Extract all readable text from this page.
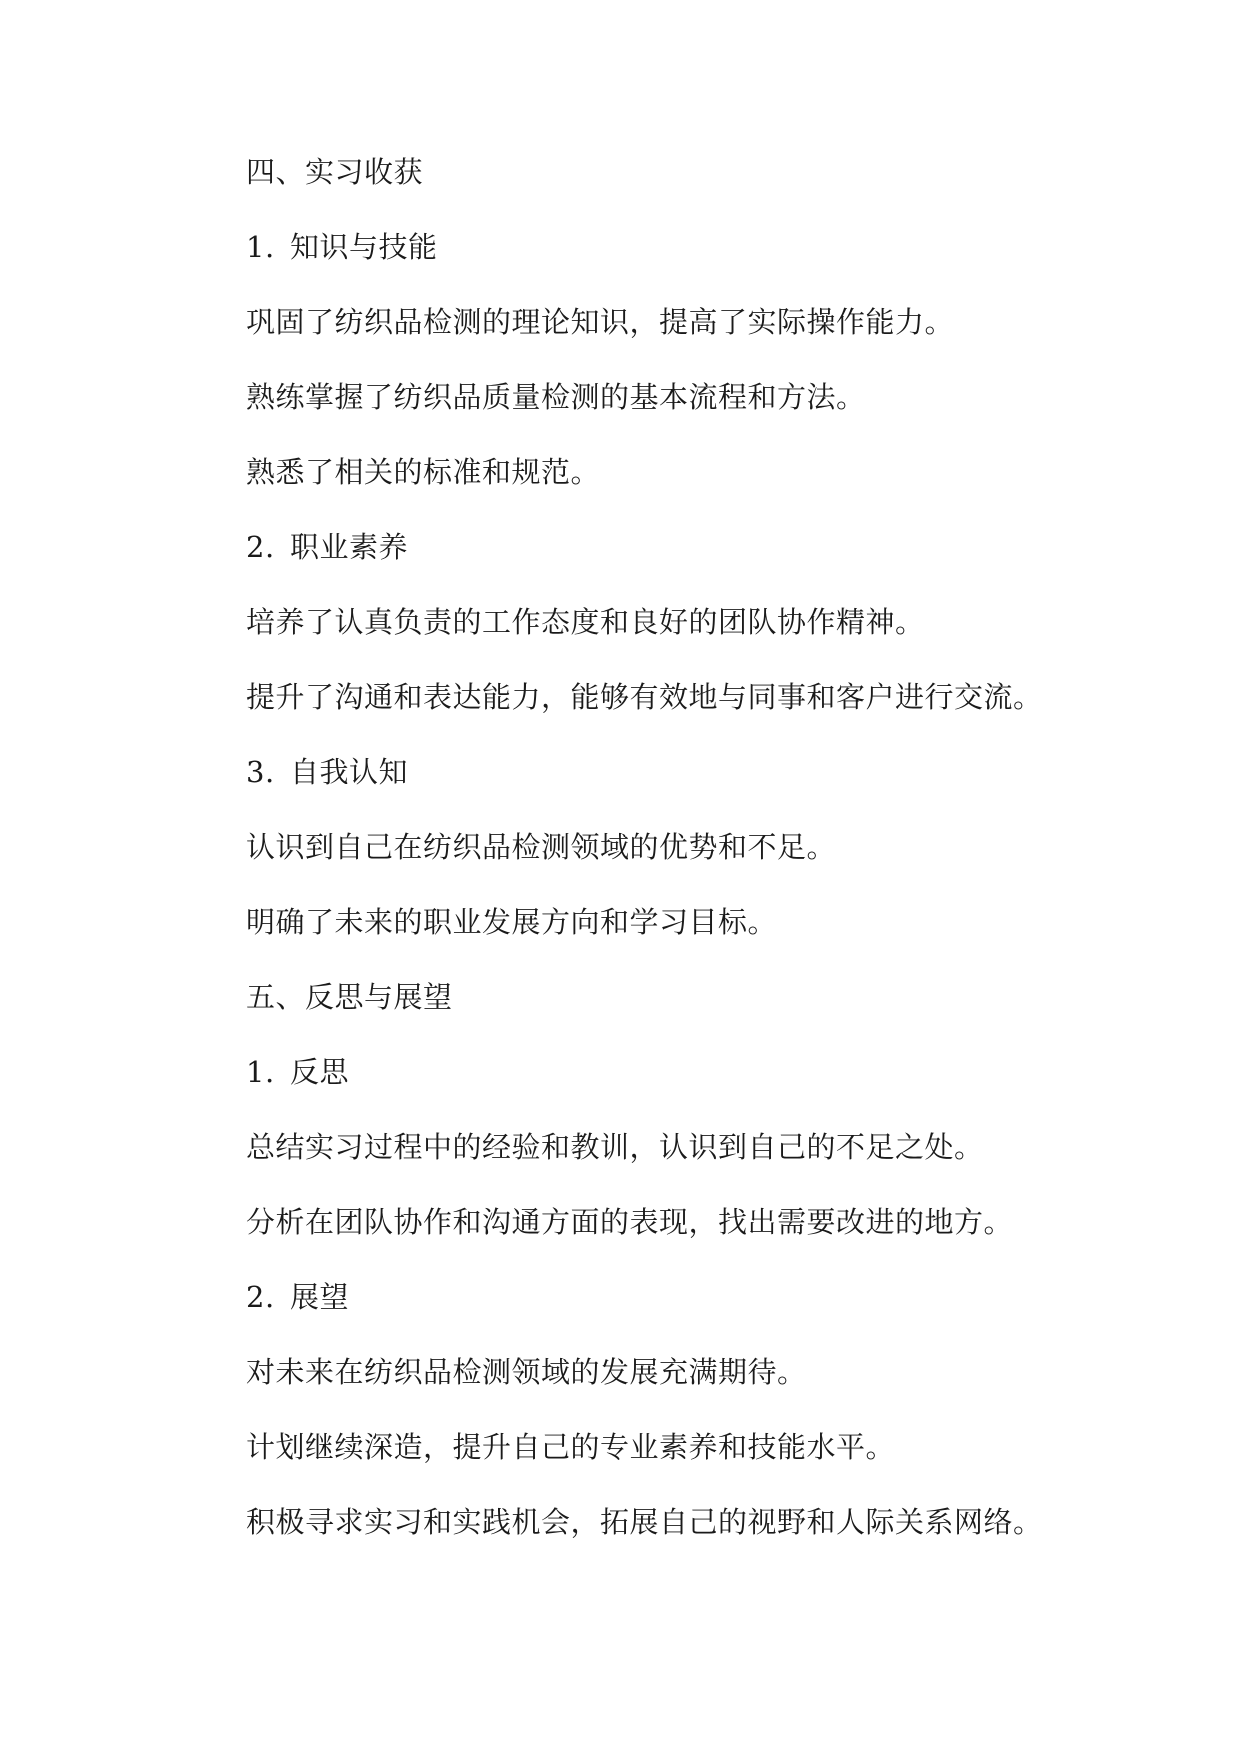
四、实习收获
1. 知识与技能
巩固了纺织品检测的理论知识，提高了实际操作能力。
熟练掌握了纺织品质量检测的基本流程和方法。
熟悉了相关的标准和规范。
2. 职业素养
培养了认真负责的工作态度和良好的团队协作精神。
提升了沟通和表达能力，能够有效地与同事和客户进行交流。
3. 自我认知
认识到自己在纺织品检测领域的优势和不足。
明确了未来的职业发展方向和学习目标。
五、反思与展望
1. 反思
总结实习过程中的经验和教训，认识到自己的不足之处。
分析在团队协作和沟通方面的表现，找出需要改进的地方。
2. 展望
对未来在纺织品检测领域的发展充满期待。
计划继续深造，提升自己的专业素养和技能水平。
积极寻求实习和实践机会，拓展自己的视野和人际关系网络。
